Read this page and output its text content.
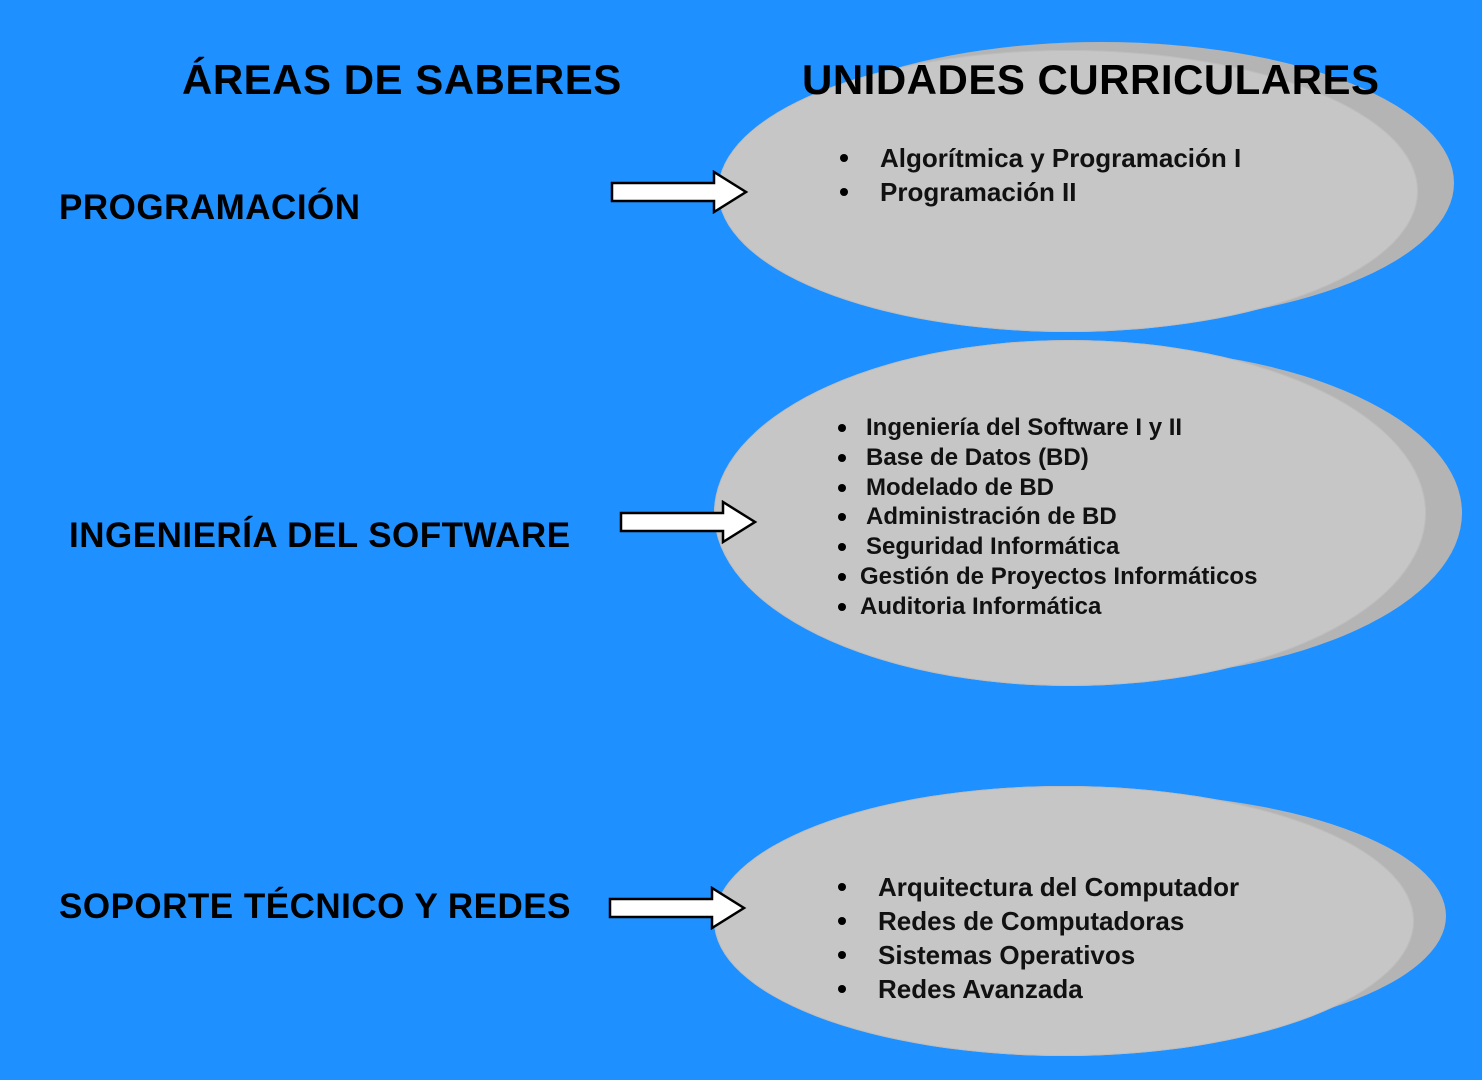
ÁREAS DE SABERES	UNIDADES CURRICULARES
PROGRAMACIÓN
Algorítmica y Programación I
Programación II
INGENIERÍA DEL SOFTWARE
Ingeniería del Software I y II
Base de Datos (BD)
Modelado de BD
Administración de BD
Seguridad Informática
Gestión de Proyectos Informáticos
Auditoria Informática
SOPORTE TÉCNICO Y REDES	Arquitectura del Computador
Redes de Computadoras
Sistemas Operativos
Redes Avanzada
